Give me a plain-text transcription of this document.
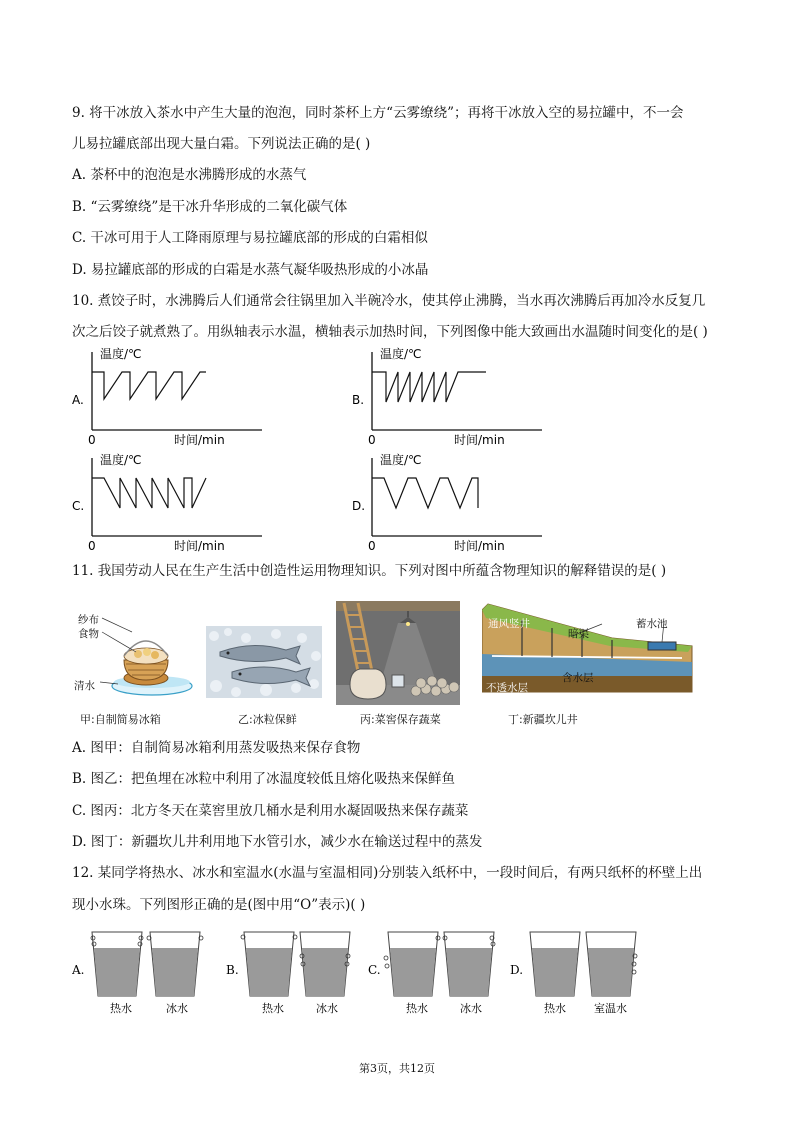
9. 将干冰放入茶水中产生大量的泡泡，同时茶杯上方“云雾缭绕”；再将干冰放入空的易拉罐中，不一会
儿易拉罐底部出现大量白霜。下列说法正确的是( )
A. 茶杯中的泡泡是水沸腾形成的水蒸气
B. “云雾缭绕”是干冰升华形成的二氧化碳气体
C. 干冰可用于人工降雨原理与易拉罐底部的形成的白霜相似
D. 易拉罐底部的形成的白霜是水蒸气凝华吸热形成的小冰晶
10. 煮饺子时，水沸腾后人们通常会往锅里加入半碗冷水，使其停止沸腾，当水再次沸腾后再加冷水反复几
次之后饺子就煮熟了。用纵轴表示水温，横轴表示加热时间，下列图像中能大致画出水温随时间变化的是( )
A.
温度/℃
0	时间/min
B.
温度/℃
0	时间/min
C.
温度/℃
0	时间/min
D.
温度/℃
0	时间/min
11. 我国劳动人民在生产生活中创造性运用物理知识。下列对图中所蕴含物理知识的解释错误的是( )
纱布
食物
清水
甲:自制简易冰箱	乙:冰粒保鲜	丙:菜窖保存蔬菜
通风竖井
暗渠
蓄水池
不透水层
含水层
丁:新疆坎儿井
A. 图甲：自制简易冰箱利用蒸发吸热来保存食物
B. 图乙：把鱼埋在冰粒中利用了冰温度较低且熔化吸热来保鲜鱼
C. 图丙：北方冬天在菜窖里放几桶水是利用水凝固吸热来保存蔬菜
D. 图丁：新疆坎儿井利用地下水管引水，减少水在输送过程中的蒸发
12. 某同学将热水、冰水和室温水(水温与室温相同)分别装入纸杯中，一段时间后，有两只纸杯的杯壁上出
现小水珠。下列图形正确的是(图中用“O”表示)( )
A.
热水	冰水
B.
热水	冰水
C.
热水	冰水
D.
热水	室温水
第3页，共12页
